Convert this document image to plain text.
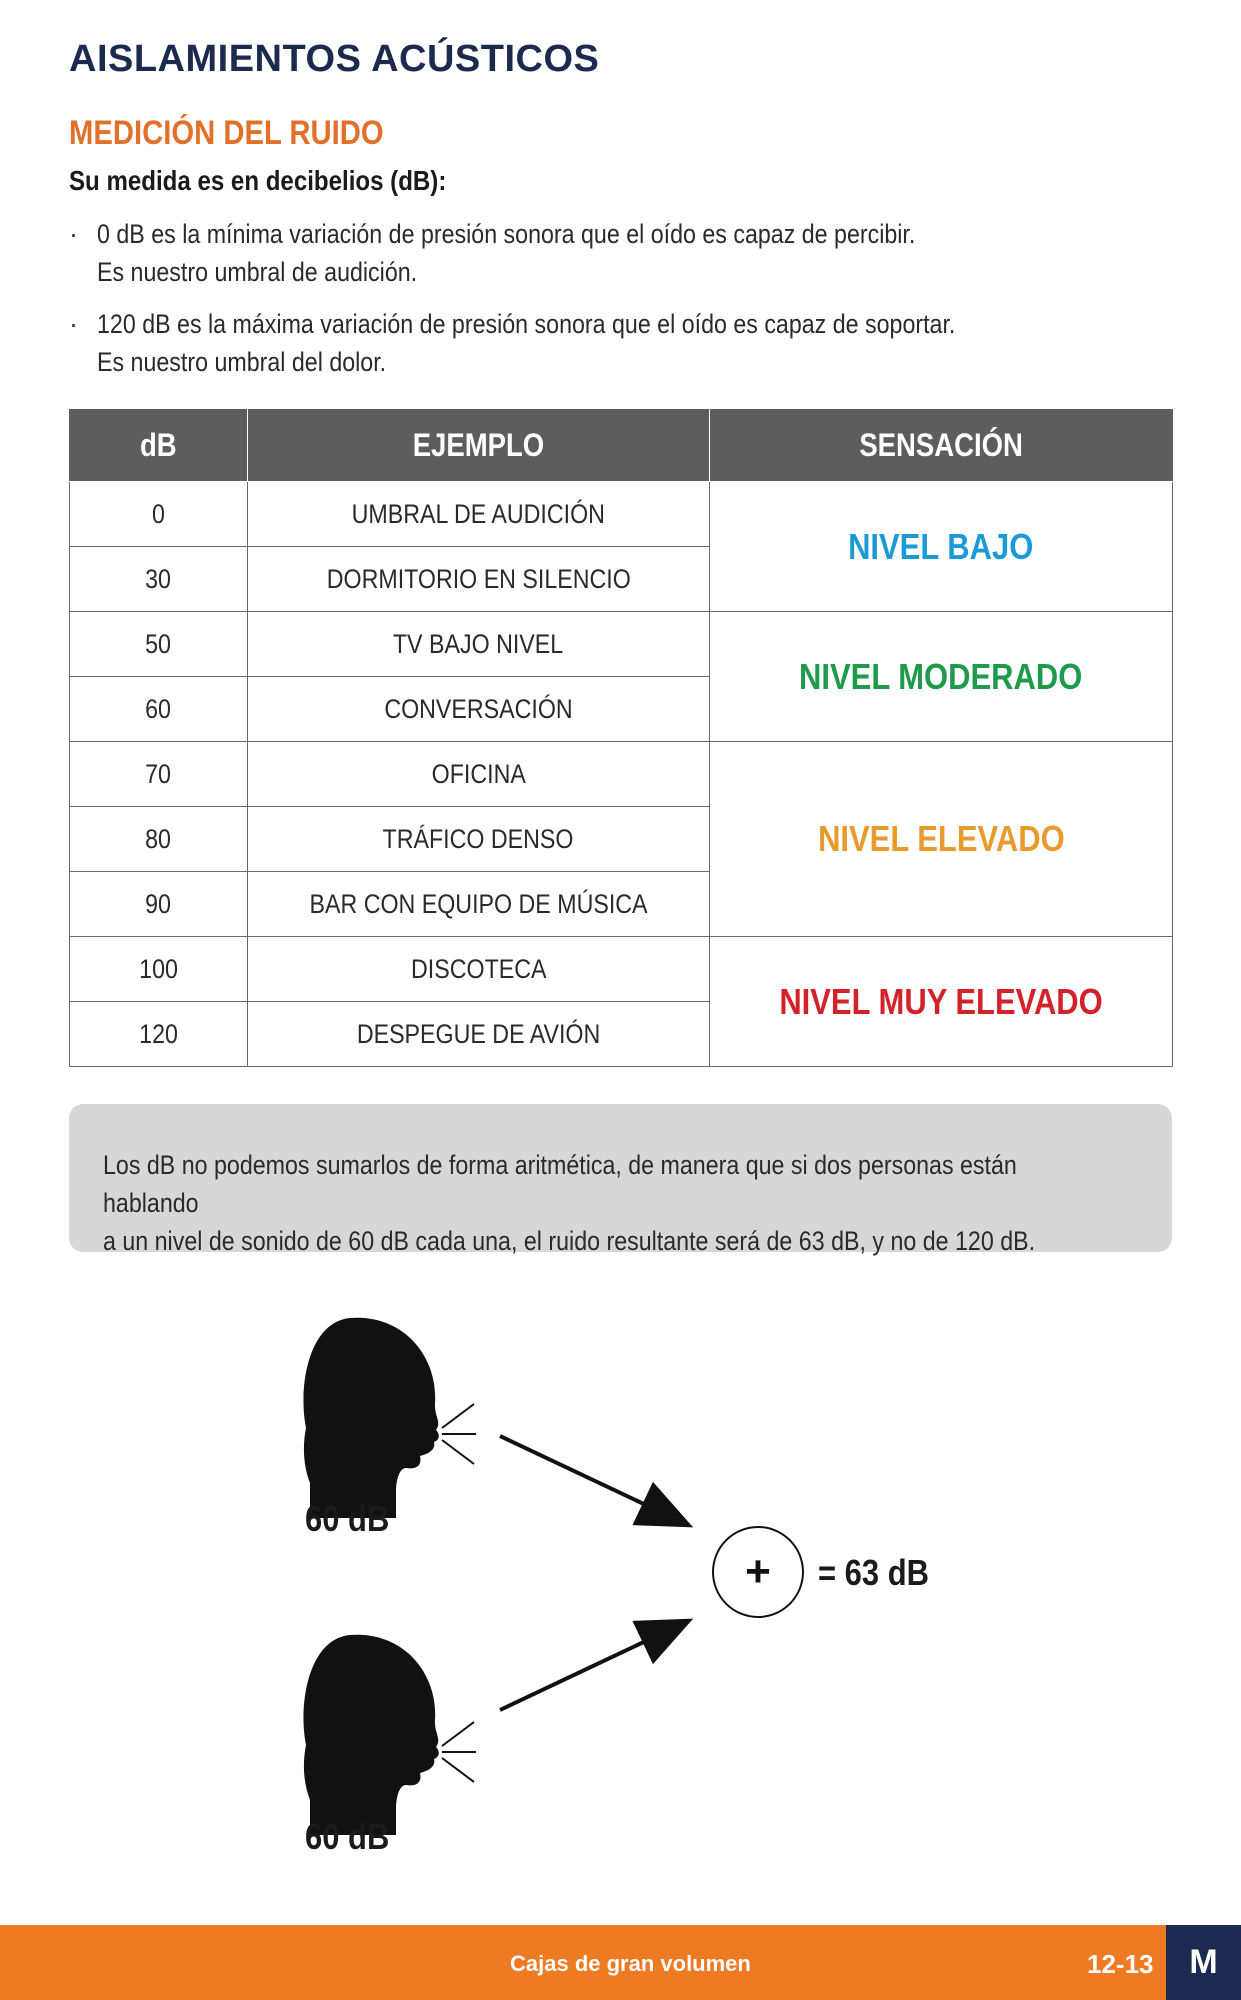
AISLAMIENTOS ACÚSTICOS
MEDICIÓN DEL RUIDO

Su medida es en decibelios (dB):

· 0 dB es la mínima variación de presión sonora que el oído es capaz de percibir.
Es nuestro umbral de audición.
· 120 dB es la máxima variación de presión sonora que el oído es capaz de soportar.
Es nuestro umbral del dolor.
dB	EJEMPLO	SENSACIÓN
0	UMBRAL DE AUDICIÓN	NIVEL BAJO
30	DORMITORIO EN SILENCIO	
50	TV BAJO NIVEL	NIVEL MODERADO
60	CONVERSACIÓN	
70	OFICINA	NIVEL ELEVADO
80	TRÁFICO DENSO	
90	BAR CON EQUIPO DE MÚSICA	
100	DISCOTECA	NIVEL MUY ELEVADO
120	DESPEGUE DE AVIÓN	

Los dB no podemos sumarlos de forma aritmética, de manera que si dos personas están hablando
a un nivel de sonido de 60 dB cada una, el ruido resultante será de 63 dB, y no de 120 dB.

+
60 dB
60 dB
= 63 dB
Cajas de gran volumen	12-13	M
